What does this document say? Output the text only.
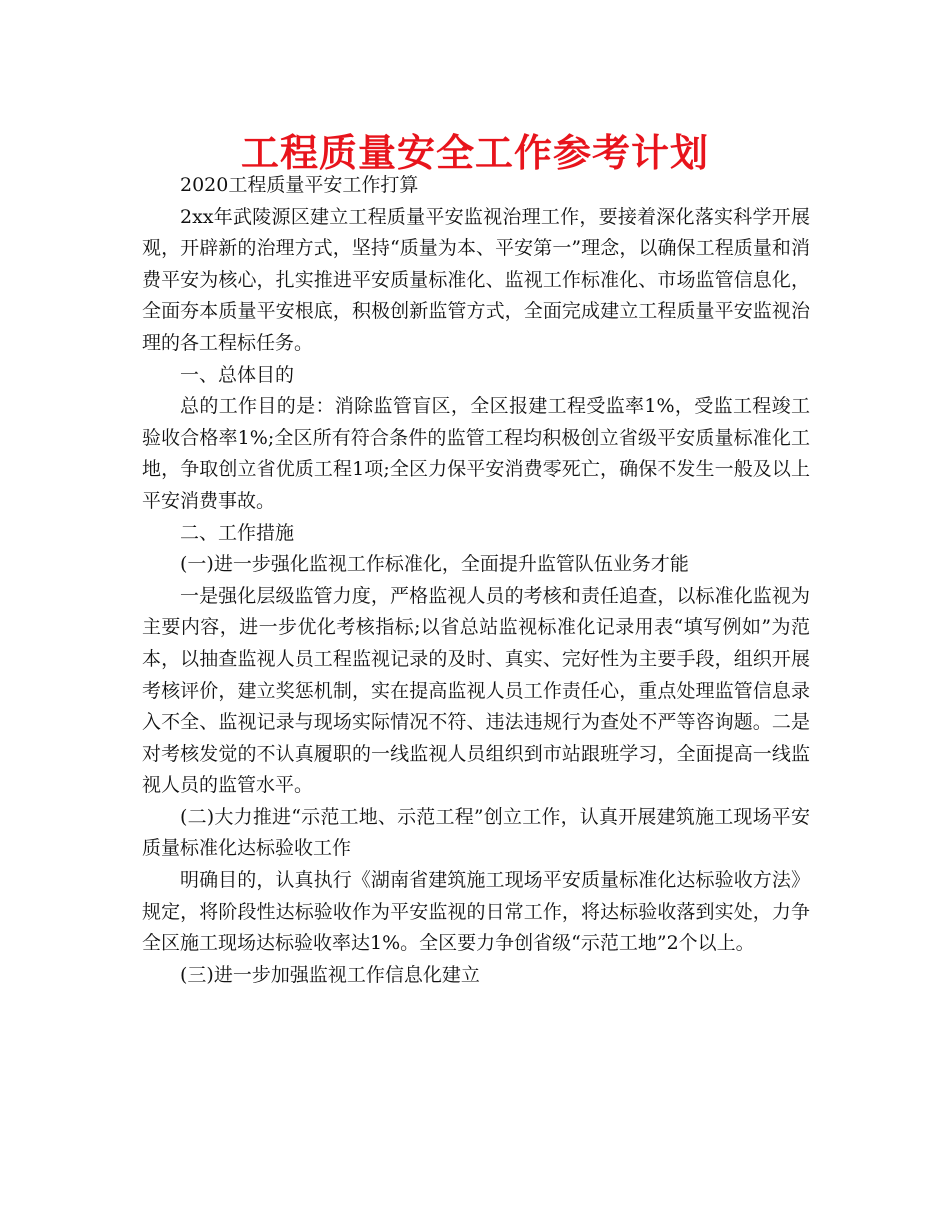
工程质量安全工作参考计划

2020工程质量平安工作打算

2xx年武陵源区建立工程质量平安监视治理工作，要接着深化落实科学开展观，开辟新的治理方式，坚持“质量为本、平安第一”理念，以确保工程质量和消费平安为核心，扎实推进平安质量标准化、监视工作标准化、市场监管信息化，全面夯本质量平安根底，积极创新监管方式，全面完成建立工程质量平安监视治理的各工程标任务。

一、总体目的

总的工作目的是：消除监管盲区，全区报建工程受监率1%，受监工程竣工验收合格率1%;全区所有符合条件的监管工程均积极创立省级平安质量标准化工地，争取创立省优质工程1项;全区力保平安消费零死亡，确保不发生一般及以上平安消费事故。

二、工作措施

(一)进一步强化监视工作标准化，全面提升监管队伍业务才能

一是强化层级监管力度，严格监视人员的考核和责任追查，以标准化监视为主要内容，进一步优化考核指标;以省总站监视标准化记录用表“填写例如”为范本，以抽查监视人员工程监视记录的及时、真实、完好性为主要手段，组织开展考核评价，建立奖惩机制，实在提高监视人员工作责任心，重点处理监管信息录入不全、监视记录与现场实际情况不符、违法违规行为查处不严等咨询题。二是对考核发觉的不认真履职的一线监视人员组织到市站跟班学习，全面提高一线监视人员的监管水平。

(二)大力推进“示范工地、示范工程”创立工作，认真开展建筑施工现场平安质量标准化达标验收工作

明确目的，认真执行《湖南省建筑施工现场平安质量标准化达标验收方法》规定，将阶段性达标验收作为平安监视的日常工作，将达标验收落到实处，力争全区施工现场达标验收率达1%。全区要力争创省级“示范工地”2个以上。

(三)进一步加强监视工作信息化建立
